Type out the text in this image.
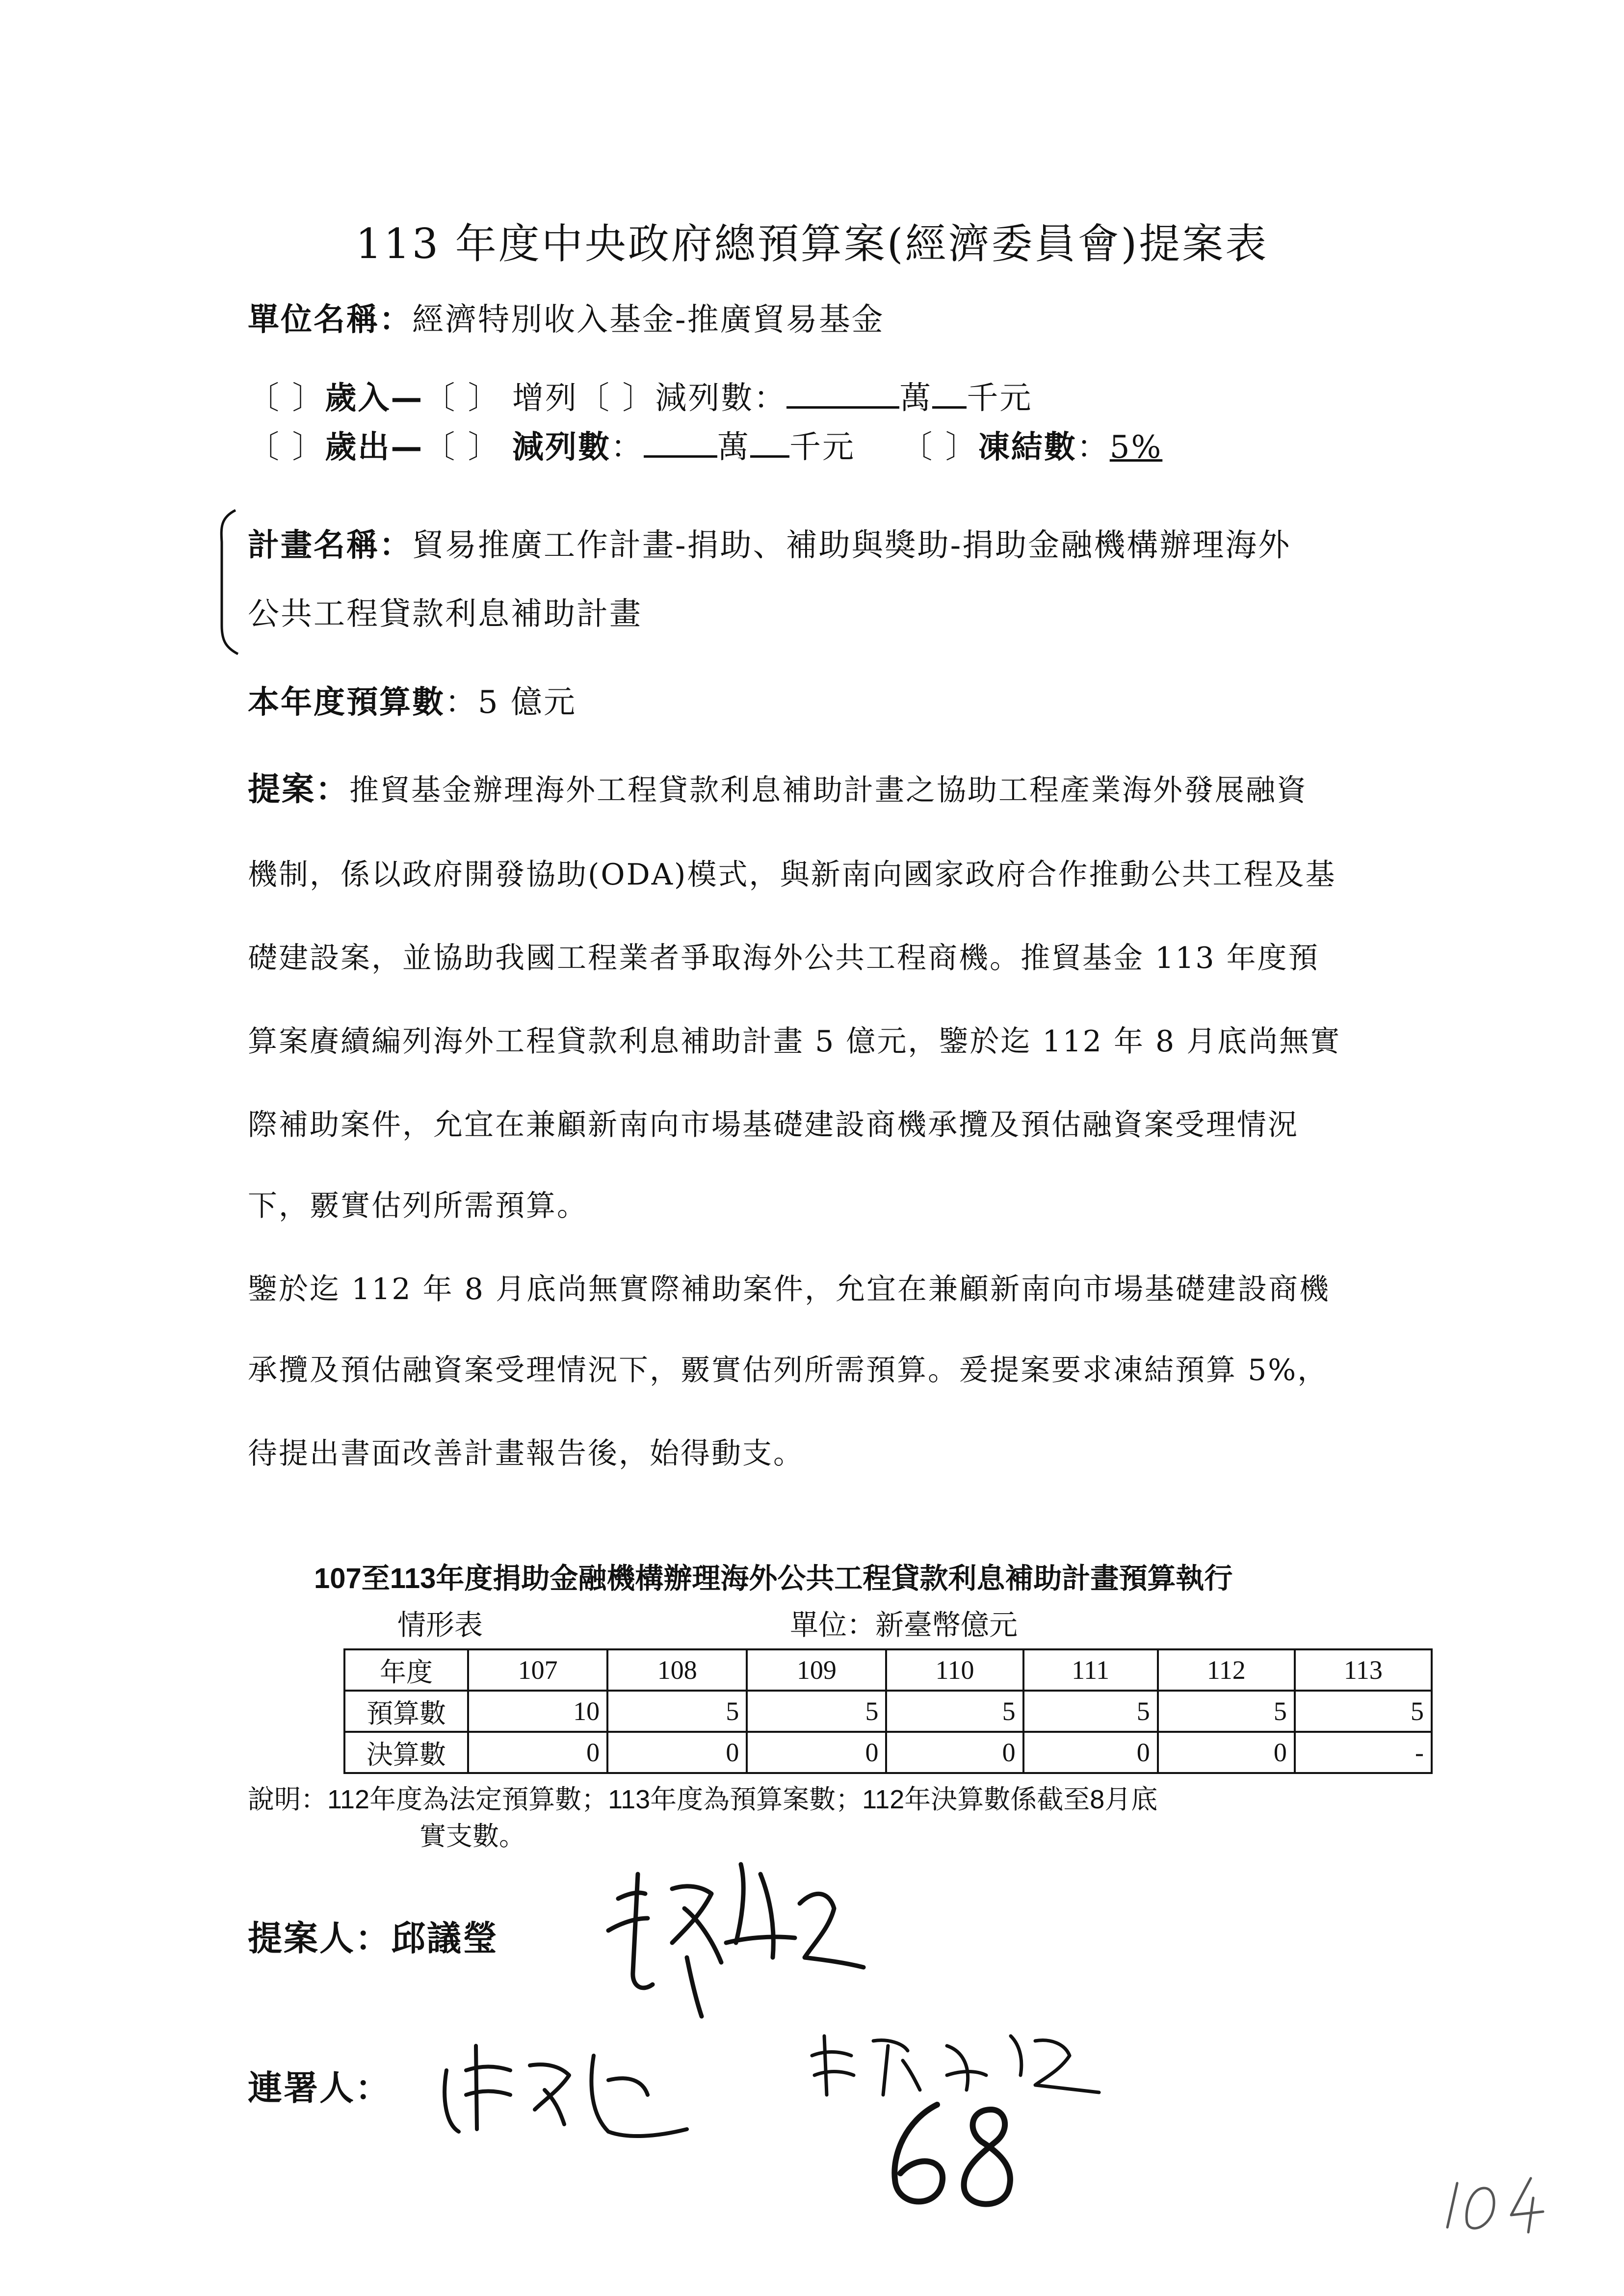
113 年度中央政府總預算案(經濟委員會)提案表
單位名稱：經濟特別收入基金-推廣貿易基金
〔 〕歲入—〔 〕 增列〔 〕減列數：	萬 千元
〔 〕歲出—〔 〕 減列數： 萬 千元 〔 〕凍結數：5%
計畫名稱：貿易推廣工作計畫-捐助、補助與獎助-捐助金融機構辦理海外
公共工程貸款利息補助計畫
本年度預算數：5 億元
提案：推貿基金辦理海外工程貸款利息補助計畫之協助工程產業海外發展融資
機制，係以政府開發協助(ODA)模式，與新南向國家政府合作推動公共工程及基
礎建設案，並協助我國工程業者爭取海外公共工程商機。推貿基金 113 年度預
算案賡續編列海外工程貸款利息補助計畫 5 億元，鑒於迄 112 年 8 月底尚無實
際補助案件，允宜在兼顧新南向市場基礎建設商機承攬及預估融資案受理情況
下，覈實估列所需預算。
鑒於迄 112 年 8 月底尚無實際補助案件，允宜在兼顧新南向市場基礎建設商機
承攬及預估融資案受理情況下，覈實估列所需預算。爰提案要求凍結預算 5%，
待提出書面改善計畫報告後，始得動支。
107至113年度捐助金融機構辦理海外公共工程貸款利息補助計畫預算執行
情形表	單位：新臺幣億元
年度	107	108	109	110	111	112	113
預算數	10	5	5	5	5	5	5
決算數	0	0	0	0	0	0	-
說明：112年度為法定預算數；113年度為預算案數；112年決算數係截至8月底
實支數。
提案人：邱議瑩
連署人：
